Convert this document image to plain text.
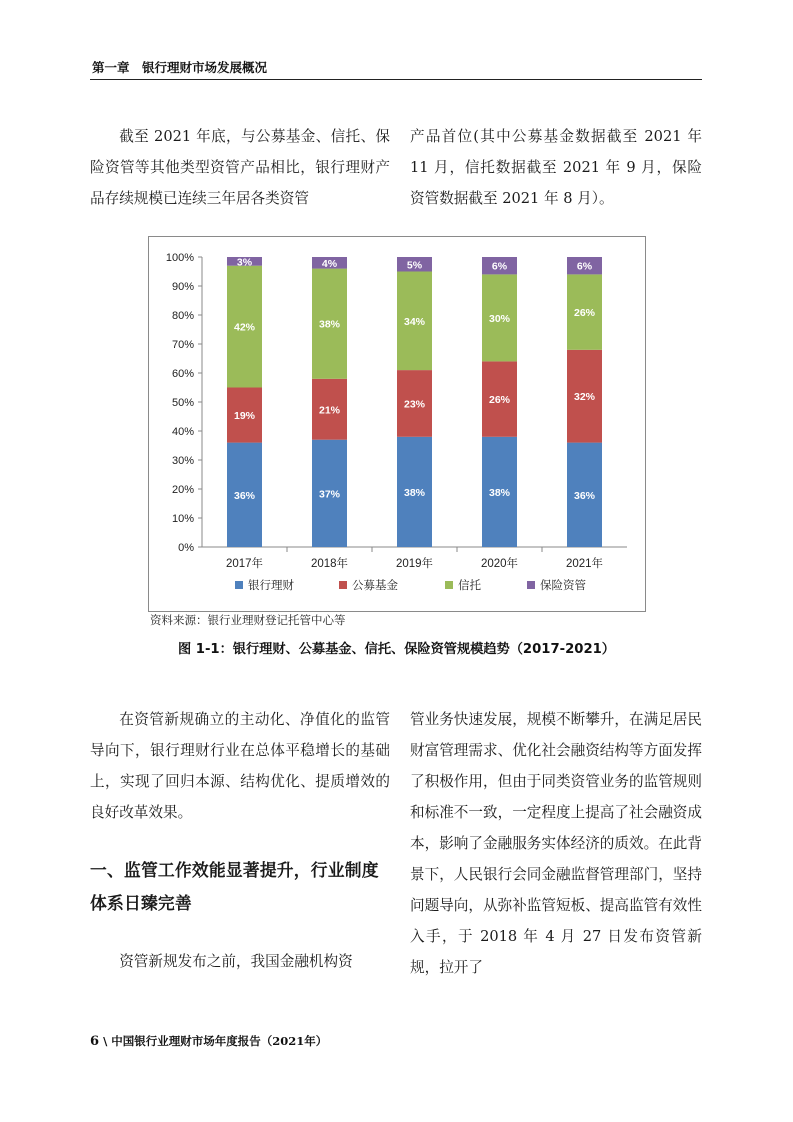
第一章　银行理财市场发展概况

截至 2021 年底，与公募基金、信托、保险资管等其他类型资管产品相比，银行理财产品存续规模已连续三年居各类资管

产品首位(其中公募基金数据截至 2021 年 11 月，信托数据截至 2021 年 9 月，保险资管数据截至 2021 年 8 月）。

0%
10%
20%
30%
40%
50%
60%
70%
80%
90%
100%
36%
19%
42%
3%
2017年
37%
21%
38%
4%
2018年
38%
23%
34%
5%
2019年
38%
26%
30%
6%
2020年
36%
32%
26%
6%
2021年
银行理财	公募基金	信托	保险资管
资料来源：银行业理财登记托管中心等
图 1-1：银行理财、公募基金、信托、保险资管规模趋势（2017-2021）

在资管新规确立的主动化、净值化的监管导向下，银行理财行业在总体平稳增长的基础上，实现了回归本源、结构优化、提质增效的良好改革效果。

一、监管工作效能显著提升，行业制度体系日臻完善

资管新规发布之前，我国金融机构资

管业务快速发展，规模不断攀升，在满足居民财富管理需求、优化社会融资结构等方面发挥了积极作用，但由于同类资管业务的监管规则和标准不一致，一定程度上提高了社会融资成本，影响了金融服务实体经济的质效。在此背景下，人民银行会同金融监督管理部门，坚持问题导向，从弥补监管短板、提高监管有效性入手，于 2018 年 4 月 27 日发布资管新规，拉开了

6 \ 中国银行业理财市场年度报告（2021年）
